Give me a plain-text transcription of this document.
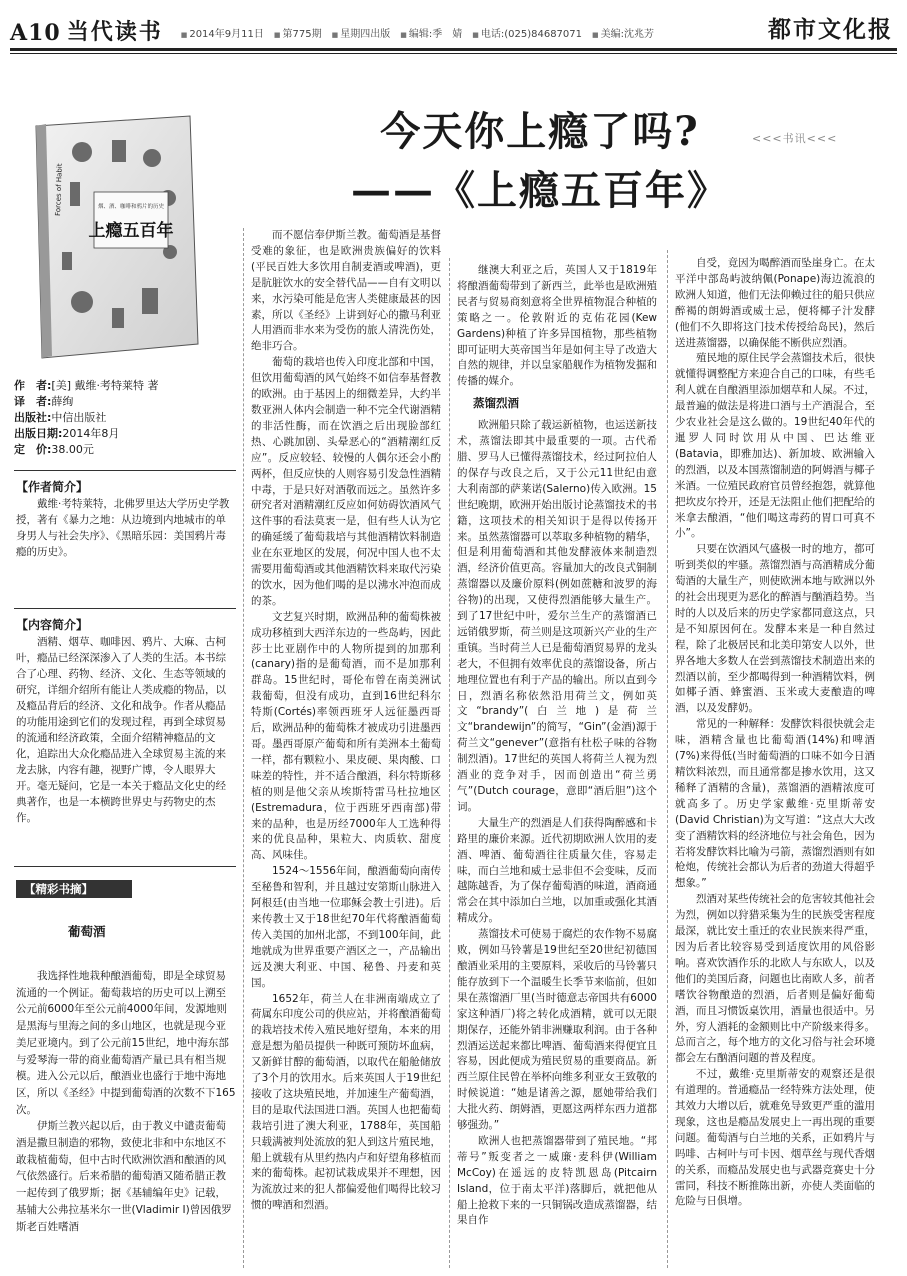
A10 当代读书	■ 2014年9月11日	■ 第775期	■ 星期四出版	■ 编辑:季　婧	■ 电话:(025)84687071	■ 美编:沈兆芳	都市文化报
今天你上瘾了吗?
——《上瘾五百年》
<<<书讯<<<
烟、酒、咖啡和鸦片的历史
Forces of Habit
上瘾五百年
作　者:[美] 戴维·考特莱特 著
译　者:薛绚
出版社:中信出版社
出版日期:2014年8月
定　价:38.00元
【作者简介】
戴维·考特莱特，北佛罗里达大学历史学教授，著有《暴力之地：从边境到内地城市的单身男人与社会失序》、《黑暗乐园：美国鸦片毒瘾的历史》。
【内容简介】
酒精、烟草、咖啡因、鸦片、大麻、古柯叶，瘾品已经深深渗入了人类的生活。本书综合了心理、药物、经济、文化、生态等领域的研究，详细介绍所有能让人类成瘾的物品，以及瘾品背后的经济、文化和战争。作者从瘾品的功能用途到它们的发现过程，再到全球贸易的流通和经济政策，全面介绍精神瘾品的文化，追踪出大众化瘾品进入全球贸易主流的来龙去脉，内容有趣，视野广博，令人眼界大开。毫无疑问，它是一本关于瘾品文化史的经典著作，也是一本横跨世界史与药物史的杰作。
【精彩书摘】
葡萄酒

我选择性地栽种酿酒葡萄，即是全球贸易流通的一个例证。葡萄栽培的历史可以上溯至公元前6000年至公元前4000年间，发源地则是黑海与里海之间的多山地区，也就是现今亚美尼亚境内。到了公元前15世纪，地中海东部与爱琴海一带的商业葡萄酒产量已具有相当规模。进入公元以后，酿酒业也盛行于地中海地区，所以《圣经》中提到葡萄酒的次数不下165次。

伊斯兰教兴起以后，由于教义中谴责葡萄酒是撒旦制造的邪物，致使北非和中东地区不敢栽植葡萄，但中古时代欧洲饮酒和酿酒的风气依然盛行。后来希腊的葡萄酒又随希腊正教一起传到了俄罗斯；据《基辅编年史》记载，基辅大公弗拉基米尔一世(Vladimir I)曾因俄罗斯老百姓嗜酒

而不愿信奉伊斯兰教。葡萄酒是基督受难的象征，也是欧洲贵族偏好的饮料(平民百姓大多饮用自制麦酒或啤酒)，更是肮脏饮水的安全替代品——自有文明以来，水污染可能是危害人类健康最甚的因素，所以《圣经》上讲到好心的撒马利亚人用酒而非水来为受伤的旅人清洗伤处，绝非巧合。

葡萄的栽培也传入印度北部和中国，但饮用葡萄酒的风气始终不如信奉基督教的欧洲。由于基因上的细微差异，大约半数亚洲人体内会制造一种不完全代谢酒精的非活性酶，而在饮酒之后出现脸部红热、心跳加剧、头晕恶心的“酒精潮红反应”。反应较轻、较慢的人偶尔还会小酌两杯，但反应快的人则容易引发急性酒精中毒，于是只好对酒敬而远之。虽然许多研究者对酒精潮红反应如何妨碍饮酒风气这件事的看法莫衷一是，但有些人认为它的确延缓了葡萄栽培与其他酒精饮料制造业在东亚地区的发展，何况中国人也不太需要用葡萄酒或其他酒精饮料来取代污染的饮水，因为他们喝的是以沸水冲泡而成的茶。

文艺复兴时期，欧洲品种的葡萄株被成功移植到大西洋东边的一些岛屿，因此莎士比亚剧作中的人物所提到的加那利(canary)指的是葡萄酒，而不是加那利群岛。15世纪时，哥伦布曾在南美洲试栽葡萄，但没有成功，直到16世纪科尔特斯(Cortés)率领西班牙人远征墨西哥后，欧洲品种的葡萄株才被成功引进墨西哥。墨西哥原产葡萄和所有美洲本土葡萄一样，都有颗粒小、果皮硬、果肉酸、口味差的特性，并不适合酿酒，科尔特斯移植的则是他父亲从埃斯特雷马杜拉地区(Estremadura，位于西班牙西南部)带来的品种，也是历经7000年人工选种得来的优良品种，果粒大、肉质软、甜度高、风味佳。

1524～1556年间，酿酒葡萄向南传至秘鲁和智利，并且越过安第斯山脉进入阿根廷(由当地一位耶稣会教士引进)。后来传教士又于18世纪70年代将酿酒葡萄传入美国的加州北部，不到100年间，此地就成为世界重要产酒区之一，产品输出远及澳大利亚、中国、秘鲁、丹麦和英国。

1652年，荷兰人在非洲南端成立了荷属东印度公司的供应站，并将酿酒葡萄的栽培技术传入殖民地好望角，本来的用意是想为船员提供一种既可预防坏血病，又新鲜甘醇的葡萄酒，以取代在船舱储放了3个月的饮用水。后来英国人于19世纪接收了这块殖民地，并加速生产葡萄酒，目的是取代法国进口酒。英国人也把葡萄栽培引进了澳大利亚，1788年，英国船只载满被判处流放的犯人到这片殖民地，船上就载有从里约热内卢和好望角移植而来的葡萄株。起初试栽成果并不理想，因为流放过来的犯人都偏爱他们喝得比较习惯的啤酒和烈酒。

继澳大利亚之后，英国人又于1819年将酿酒葡萄带到了新西兰，此举也是欧洲殖民者与贸易商刻意将全世界植物混合种植的策略之一。伦敦附近的克佑花园(Kew Gardens)种植了许多异国植物，那些植物即可证明大英帝国当年是如何主导了改造大自然的规律，并以皇家船舰作为植物发掘和传播的媒介。

蒸馏烈酒

欧洲船只除了载运新植物，也运送新技术，蒸馏法即其中最重要的一项。古代希腊、罗马人已懂得蒸馏技术，经过阿拉伯人的保存与改良之后，又于公元11世纪由意大利南部的萨莱诺(Salerno)传入欧洲。15世纪晚期，欧洲开始出版讨论蒸馏技术的书籍，这项技术的相关知识于是得以传扬开来。虽然蒸馏器可以萃取多种植物的精华，但是利用葡萄酒和其他发酵液体来制造烈酒，经济价值更高。容量加大的改良式铜制蒸馏器以及廉价原料(例如蔗糖和波罗的海谷物)的出现，又使得烈酒能够大量生产。到了17世纪中叶，爱尔兰生产的蒸馏酒已远销俄罗斯，荷兰则是这项新兴产业的生产重镇。当时荷兰人已是葡萄酒贸易界的龙头老大，不但拥有效率优良的蒸馏设备，所占地理位置也有利于产品的输出。所以直到今日，烈酒名称依然沿用荷兰文，例如英文“brandy”(白兰地)是荷兰文“brandewijn”的简写，“Gin”(金酒)源于荷兰文“genever”(意指有杜松子味的谷物制烈酒)。17世纪的英国人将荷兰人视为烈酒业的竞争对手，因而创造出“荷兰勇气”(Dutch courage，意即“酒后胆”)这个词。

大量生产的烈酒是人们获得陶醉感和卡路里的廉价来源。近代初期欧洲人饮用的麦酒、啤酒、葡萄酒往往质量欠佳，容易走味，而白兰地和威士忌非但不会变味，反而越陈越香，为了保存葡萄酒的味道，酒商通常会在其中添加白兰地，以加重或强化其酒精成分。

蒸馏技术可使易于腐烂的农作物不易腐败，例如马铃薯是19世纪至20世纪初德国酿酒业采用的主要原料，采收后的马铃薯只能存放到下一个温暖生长季节来临前，但如果在蒸馏酒厂里(当时德意志帝国共有6000家这种酒厂)将之转化成酒精，就可以无限期保存，还能外销非洲赚取利润。由于各种烈酒运送起来都比啤酒、葡萄酒来得便宜且容易，因此便成为殖民贸易的重要商品。新西兰原住民曾在举杯向维多利亚女王致敬的时候说道：“她是诸善之源，愿她带给我们大批火药、朗姆酒，更愿这两样东西力道都够强劲。”

欧洲人也把蒸馏器带到了殖民地。“邦蒂号”叛变者之一威廉·麦科伊(William McCoy)在遥远的皮特凯恩岛(Pitcairn Island，位于南太平洋)落脚后，就把他从船上抢救下来的一只铜锅改造成蒸馏器，结果自作

自受，竟因为喝醉酒而坠崖身亡。在太平洋中部岛屿波纳佩(Ponape)海边流浪的欧洲人知道，他们无法仰赖过往的船只供应醉褐的朗姆酒或威士忌，便将椰子汁发酵(他们不久即将这门技术传授给岛民)，然后送进蒸馏器，以确保能不断供应烈酒。

殖民地的原住民学会蒸馏技术后，很快就懂得调整配方来迎合自己的口味，有些毛利人就在自酿酒里添加烟草和人屎。不过，最普遍的做法是将进口酒与土产酒混合，至少农业社会是这么做的。19世纪40年代的暹罗人同时饮用从中国、巴达维亚(Batavia，即雅加达)、新加坡、欧洲输入的烈酒，以及本国蒸馏制造的阿姆酒与椰子米酒。一位殖民政府官员曾经抱怨，就算他把坎皮尔拎开，还是无法阻止他们把配给的米拿去酿酒，“他们喝这毒药的胃口可真不小”。

只要在饮酒风气盛极一时的地方，都可听到类似的牢骚。蒸馏烈酒与高酒精成分葡萄酒的大量生产，则使欧洲本地与欧洲以外的社会出现更为恶化的醉酒与酗酒趋势。当时的人以及后来的历史学家都同意这点，只是不知原因何在。发酵本来是一种自然过程，除了北极居民和北美印第安人以外，世界各地大多数人在尝到蒸馏技术制造出来的烈酒以前，至少都喝得到一种酒精饮料，例如椰子酒、蜂蜜酒、玉米或大麦酿造的啤酒，以及发酵奶。

常见的一种解释：发酵饮料很快就会走味，酒精含量也比葡萄酒(14%)和啤酒(7%)来得低(当时葡萄酒的口味不如今日酒精饮料浓烈，而且通常都是掺水饮用，这又稀释了酒精的含量)，蒸馏酒的酒精浓度可就高多了。历史学家戴维·克里斯蒂安(David Christian)为文写道：“这点大大改变了酒精饮料的经济地位与社会角色，因为若将发酵饮料比喻为弓箭，蒸馏烈酒则有如枪炮，传统社会都认为后者的劲道大得超乎想象。”

烈酒对某些传统社会的危害较其他社会为烈，例如以狩猎采集为生的民族受害程度最深，就比安土重迁的农业民族来得严重，因为后者比较容易受到适度饮用的风俗影响。喜欢饮酒作乐的北欧人与东欧人，以及他们的美国后裔，问题也比南欧人多，前者嗜饮谷物酿造的烈酒，后者则是偏好葡萄酒，而且习惯饭桌饮用，酒量也很适中。另外，穷人酒耗的金额则比中产阶级来得多。总而言之，每个地方的文化习俗与社会环境都会左右酗酒问题的普及程度。

不过，戴维·克里斯蒂安的观察还是很有道理的。普通瘾品一经特殊方法处理，使其效力大增以后，就难免导致更严重的滥用现象，这也是瘾品发展史上一再出现的重要问题。葡萄酒与白兰地的关系，正如鸦片与吗啡、古柯叶与可卡因、烟草丝与现代香烟的关系，而瘾品发展史也与武器竞赛史十分雷同，科技不断推陈出新，亦使人类面临的危险与日俱增。
